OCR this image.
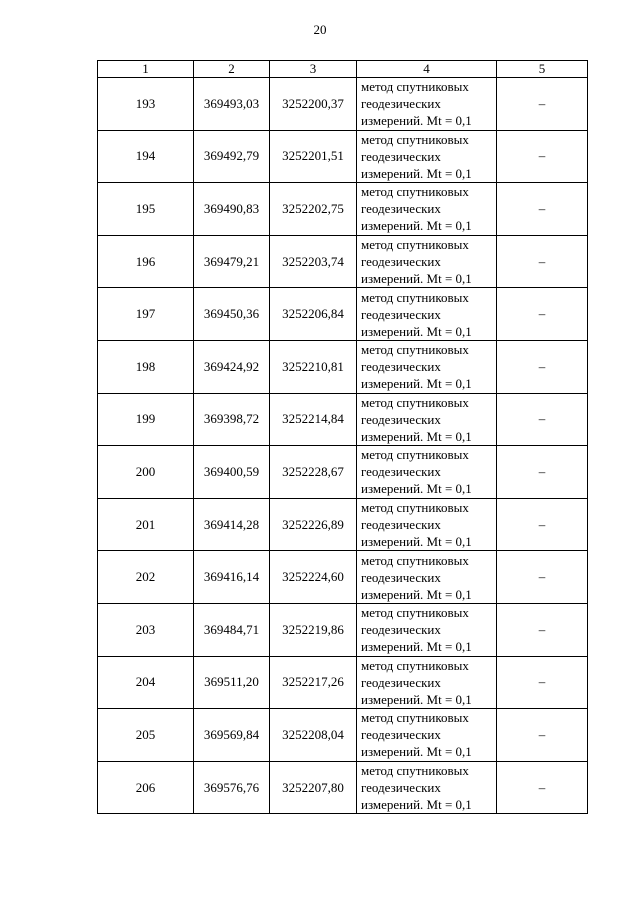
20
1	2	3	4	5
193	369493,03	3252200,37	метод спутниковых
геодезических
измерений. Mt = 0,1	–
194	369492,79	3252201,51	метод спутниковых
геодезических
измерений. Mt = 0,1	–
195	369490,83	3252202,75	метод спутниковых
геодезических
измерений. Mt = 0,1	–
196	369479,21	3252203,74	метод спутниковых
геодезических
измерений. Mt = 0,1	–
197	369450,36	3252206,84	метод спутниковых
геодезических
измерений. Mt = 0,1	–
198	369424,92	3252210,81	метод спутниковых
геодезических
измерений. Mt = 0,1	–
199	369398,72	3252214,84	метод спутниковых
геодезических
измерений. Mt = 0,1	–
200	369400,59	3252228,67	метод спутниковых
геодезических
измерений. Mt = 0,1	–
201	369414,28	3252226,89	метод спутниковых
геодезических
измерений. Mt = 0,1	–
202	369416,14	3252224,60	метод спутниковых
геодезических
измерений. Mt = 0,1	–
203	369484,71	3252219,86	метод спутниковых
геодезических
измерений. Mt = 0,1	–
204	369511,20	3252217,26	метод спутниковых
геодезических
измерений. Mt = 0,1	–
205	369569,84	3252208,04	метод спутниковых
геодезических
измерений. Mt = 0,1	–
206	369576,76	3252207,80	метод спутниковых
геодезических
измерений. Mt = 0,1	–
